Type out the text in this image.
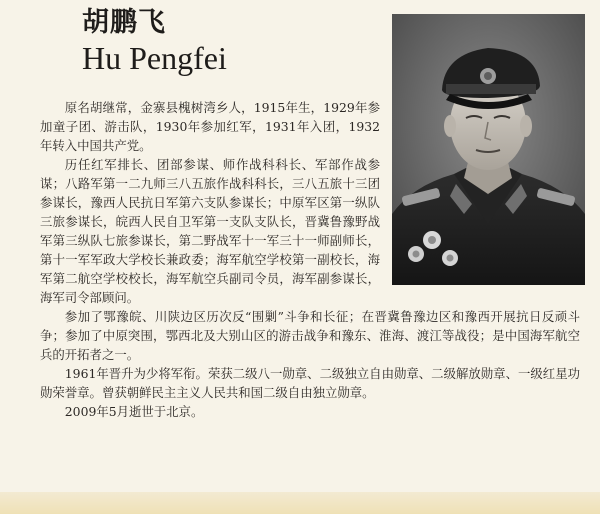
胡鹏飞
Hu Pengfei

原名胡继常，金寨县槐树湾乡人，1915年生，1929年参加童子团、游击队，1930年参加红军，1931年入团，1932年转入中国共产党。

历任红军排长、团部参谋、师作战科科长、军部作战参谋；八路军第一二九师三八五旅作战科科长，三八五旅十三团参谋长，豫西人民抗日军第六支队参谋长；中原军区第一纵队三旅参谋长，皖西人民自卫军第一支队支队长，晋冀鲁豫野战军第三纵队七旅参谋长，第二野战军十一军三十一师副师长，第十一军军政大学校长兼政委；海军航空学校第一副校长，海军第二航空学校校长，海军航空兵副司令员，海军副参谋长，海军司令部顾问。

参加了鄂豫皖、川陕边区历次反“围剿”斗争和长征；在晋冀鲁豫边区和豫西开展抗日反顽斗争；参加了中原突围，鄂西北及大别山区的游击战争和豫东、淮海、渡江等战役；是中国海军航空兵的开拓者之一。

1961年晋升为少将军衔。荣获二级八一勋章、二级独立自由勋章、二级解放勋章、一级红星功勋荣誉章。曾获朝鲜民主主义人民共和国二级自由独立勋章。

2009年5月逝世于北京。
